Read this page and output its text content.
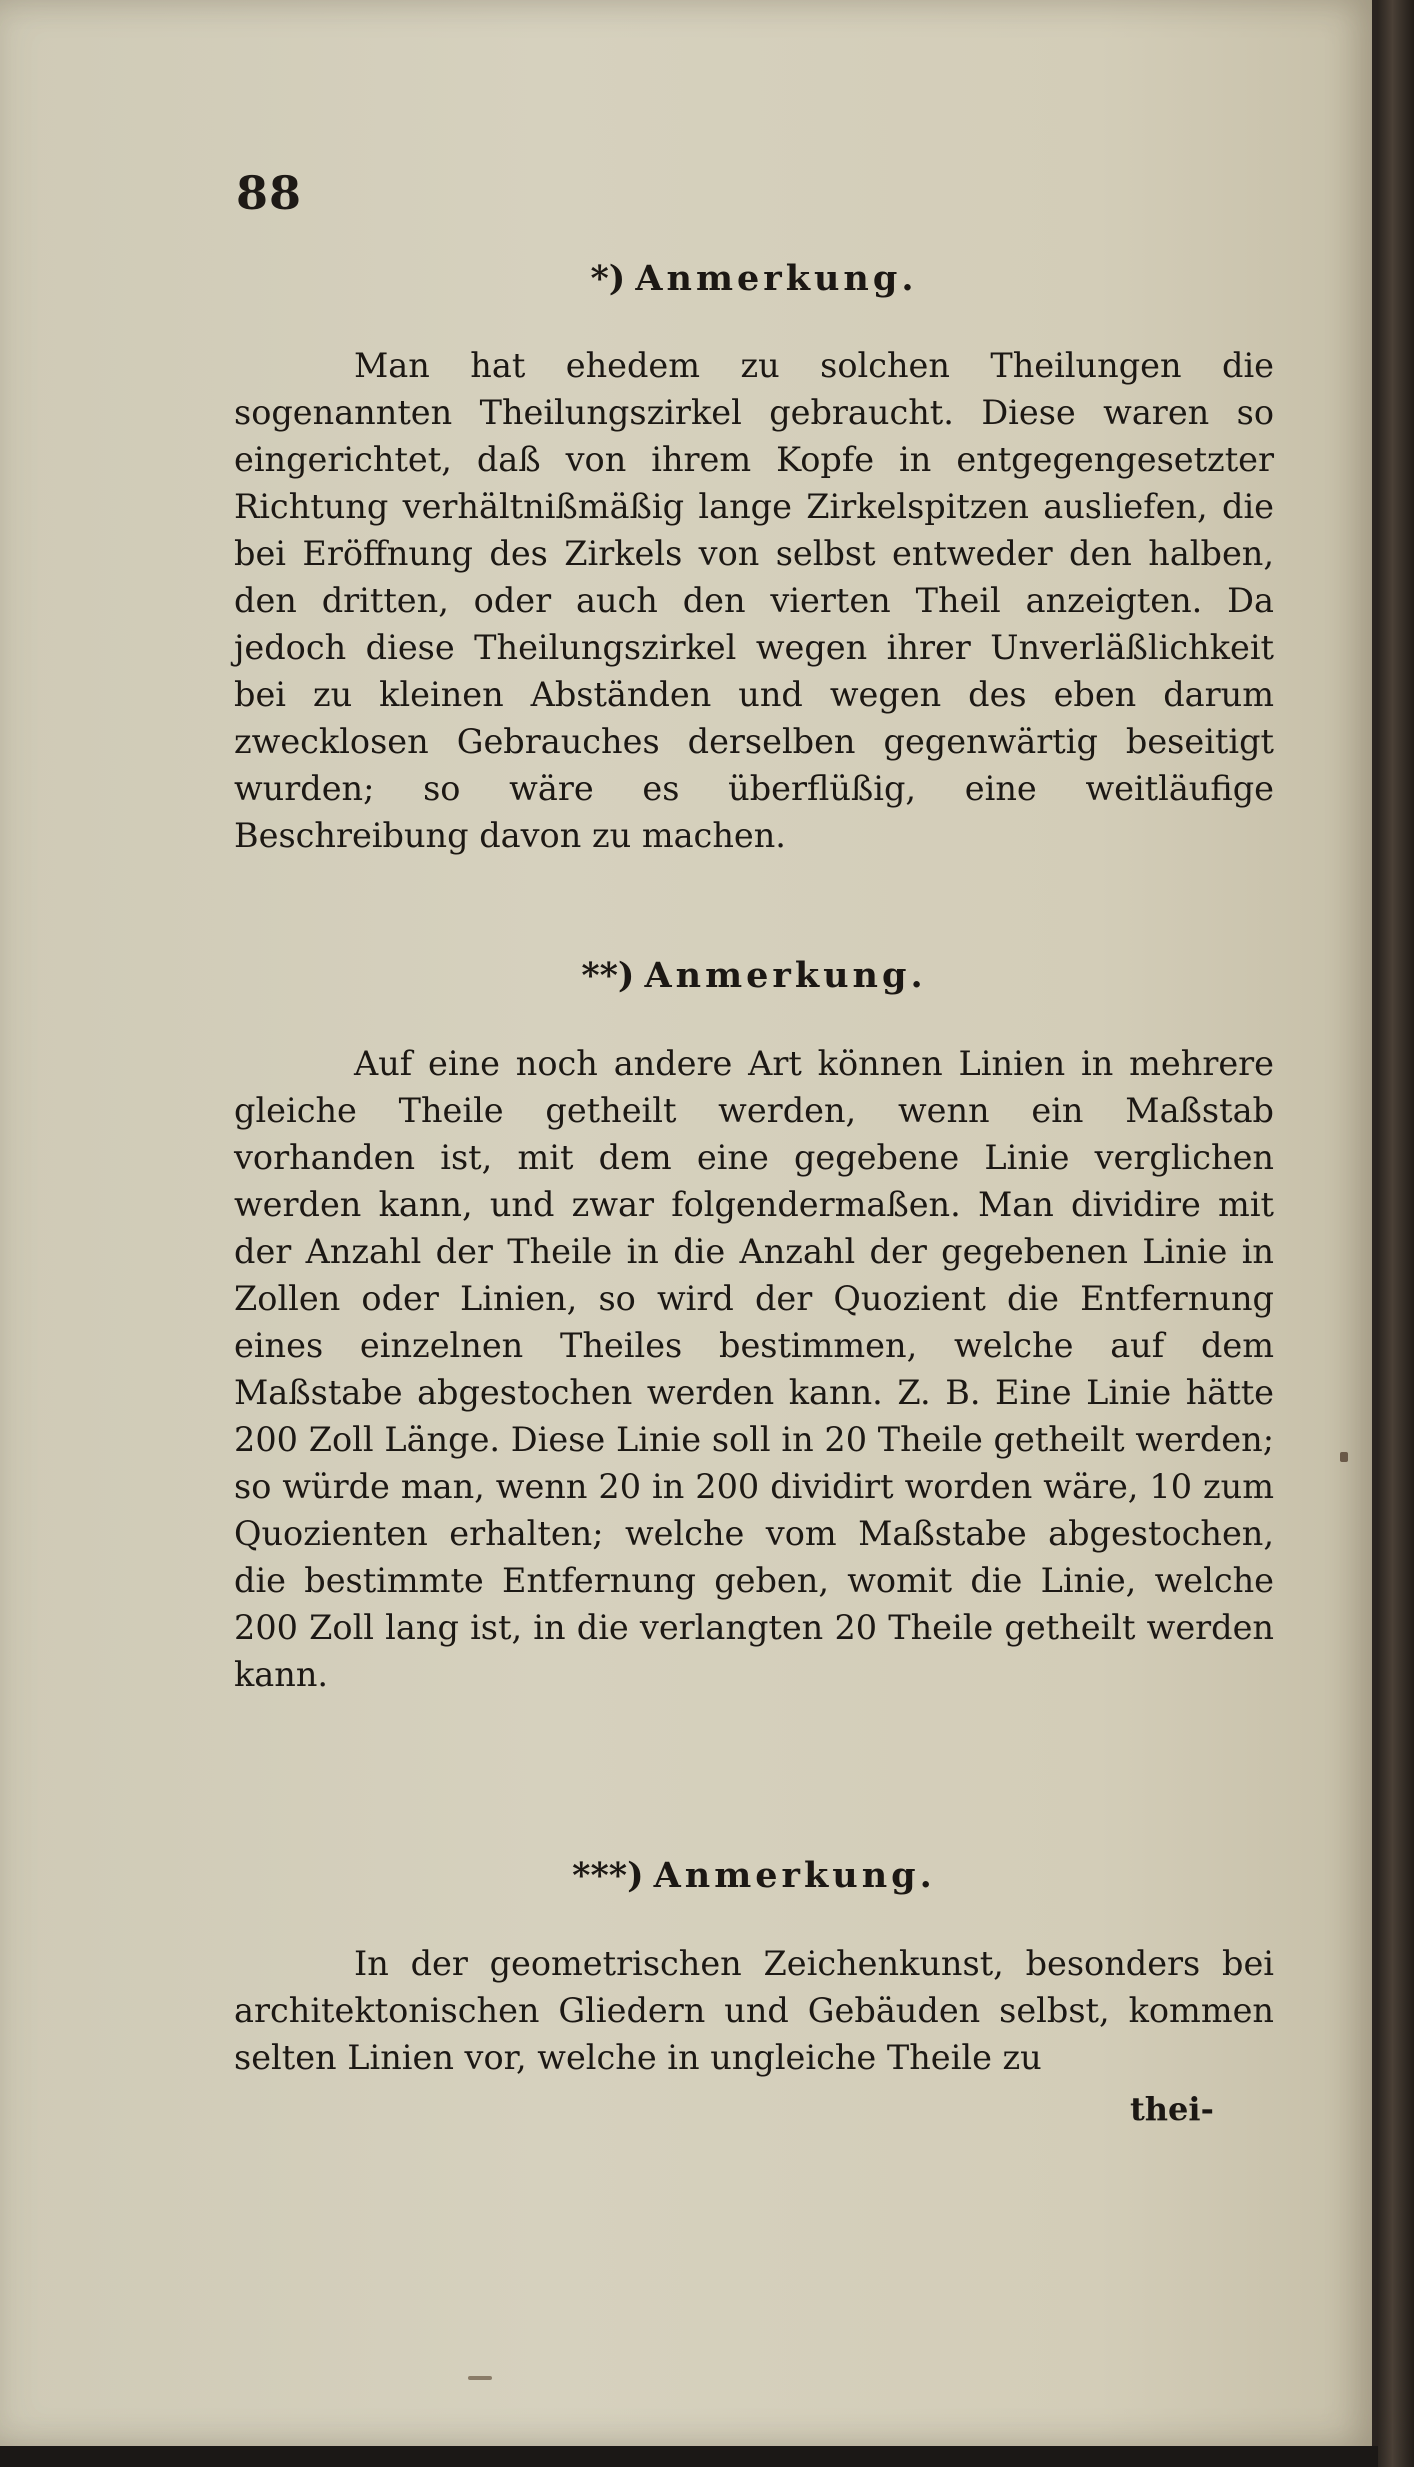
88
*) Anmerkung.

Man hat ehedem zu solchen Theilungen die sogenannten Theilungszirkel gebraucht. Diese waren so eingerichtet, daß von ihrem Kopfe in entgegengesetzter Richtung verhältnißmäßig lange Zirkelspitzen ausliefen, die bei Eröffnung des Zirkels von selbst entweder den halben, den dritten, oder auch den vierten Theil anzeigten. Da jedoch diese Theilungszirkel wegen ihrer Unverläßlichkeit bei zu kleinen Abständen und wegen des eben darum zwecklosen Gebrauches derselben gegenwärtig beseitigt wurden; so wäre es überflüßig, eine weitläufige Beschreibung davon zu machen.

**) Anmerkung.

Auf eine noch andere Art können Linien in mehrere gleiche Theile getheilt werden, wenn ein Maßstab vorhanden ist, mit dem eine gegebene Linie verglichen werden kann, und zwar folgendermaßen. Man dividire mit der Anzahl der Theile in die Anzahl der gegebenen Linie in Zollen oder Linien, so wird der Quozient die Entfernung eines einzelnen Theiles bestimmen, welche auf dem Maßstabe abgestochen werden kann. Z. B. Eine Linie hätte 200 Zoll Länge. Diese Linie soll in 20 Theile getheilt werden; so würde man, wenn 20 in 200 dividirt worden wäre, 10 zum Quozienten erhalten; welche vom Maßstabe abgestochen, die bestimmte Entfernung geben, womit die Linie, welche 200 Zoll lang ist, in die verlangten 20 Theile getheilt werden kann.

***) Anmerkung.

In der geometrischen Zeichenkunst, besonders bei architektonischen Gliedern und Gebäuden selbst, kommen selten Linien vor, welche in ungleiche Theile zu

thei-
